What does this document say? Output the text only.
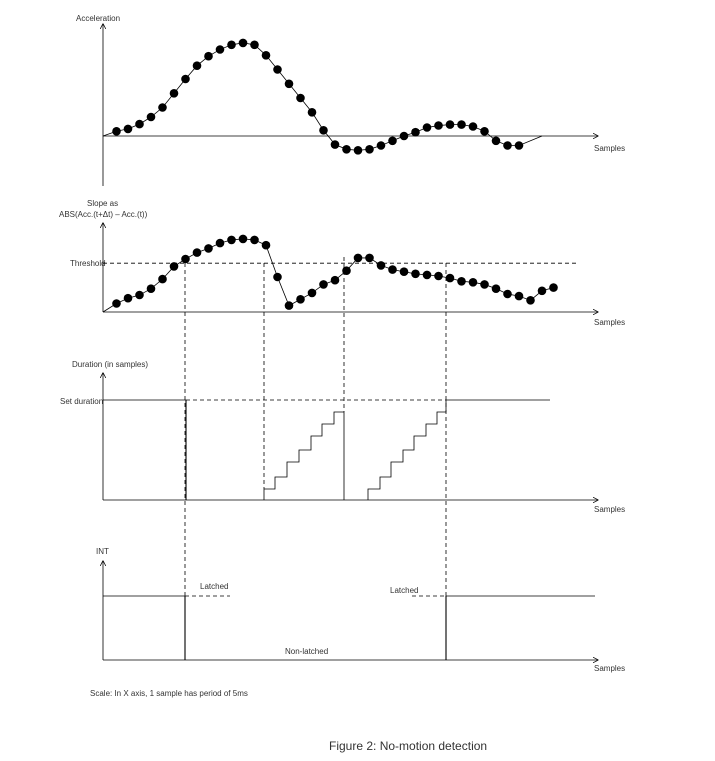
Acceleration
Samples
Slope as
ABS(Acc.(t+Δt) – Acc.(t))
Samples
Threshold
Duration (in samples)
Samples
Set duration
INT
Samples
Latched	Latched
Non-latched
Scale: In X axis, 1 sample has period of 5ms
Figure 2: No-motion detection
